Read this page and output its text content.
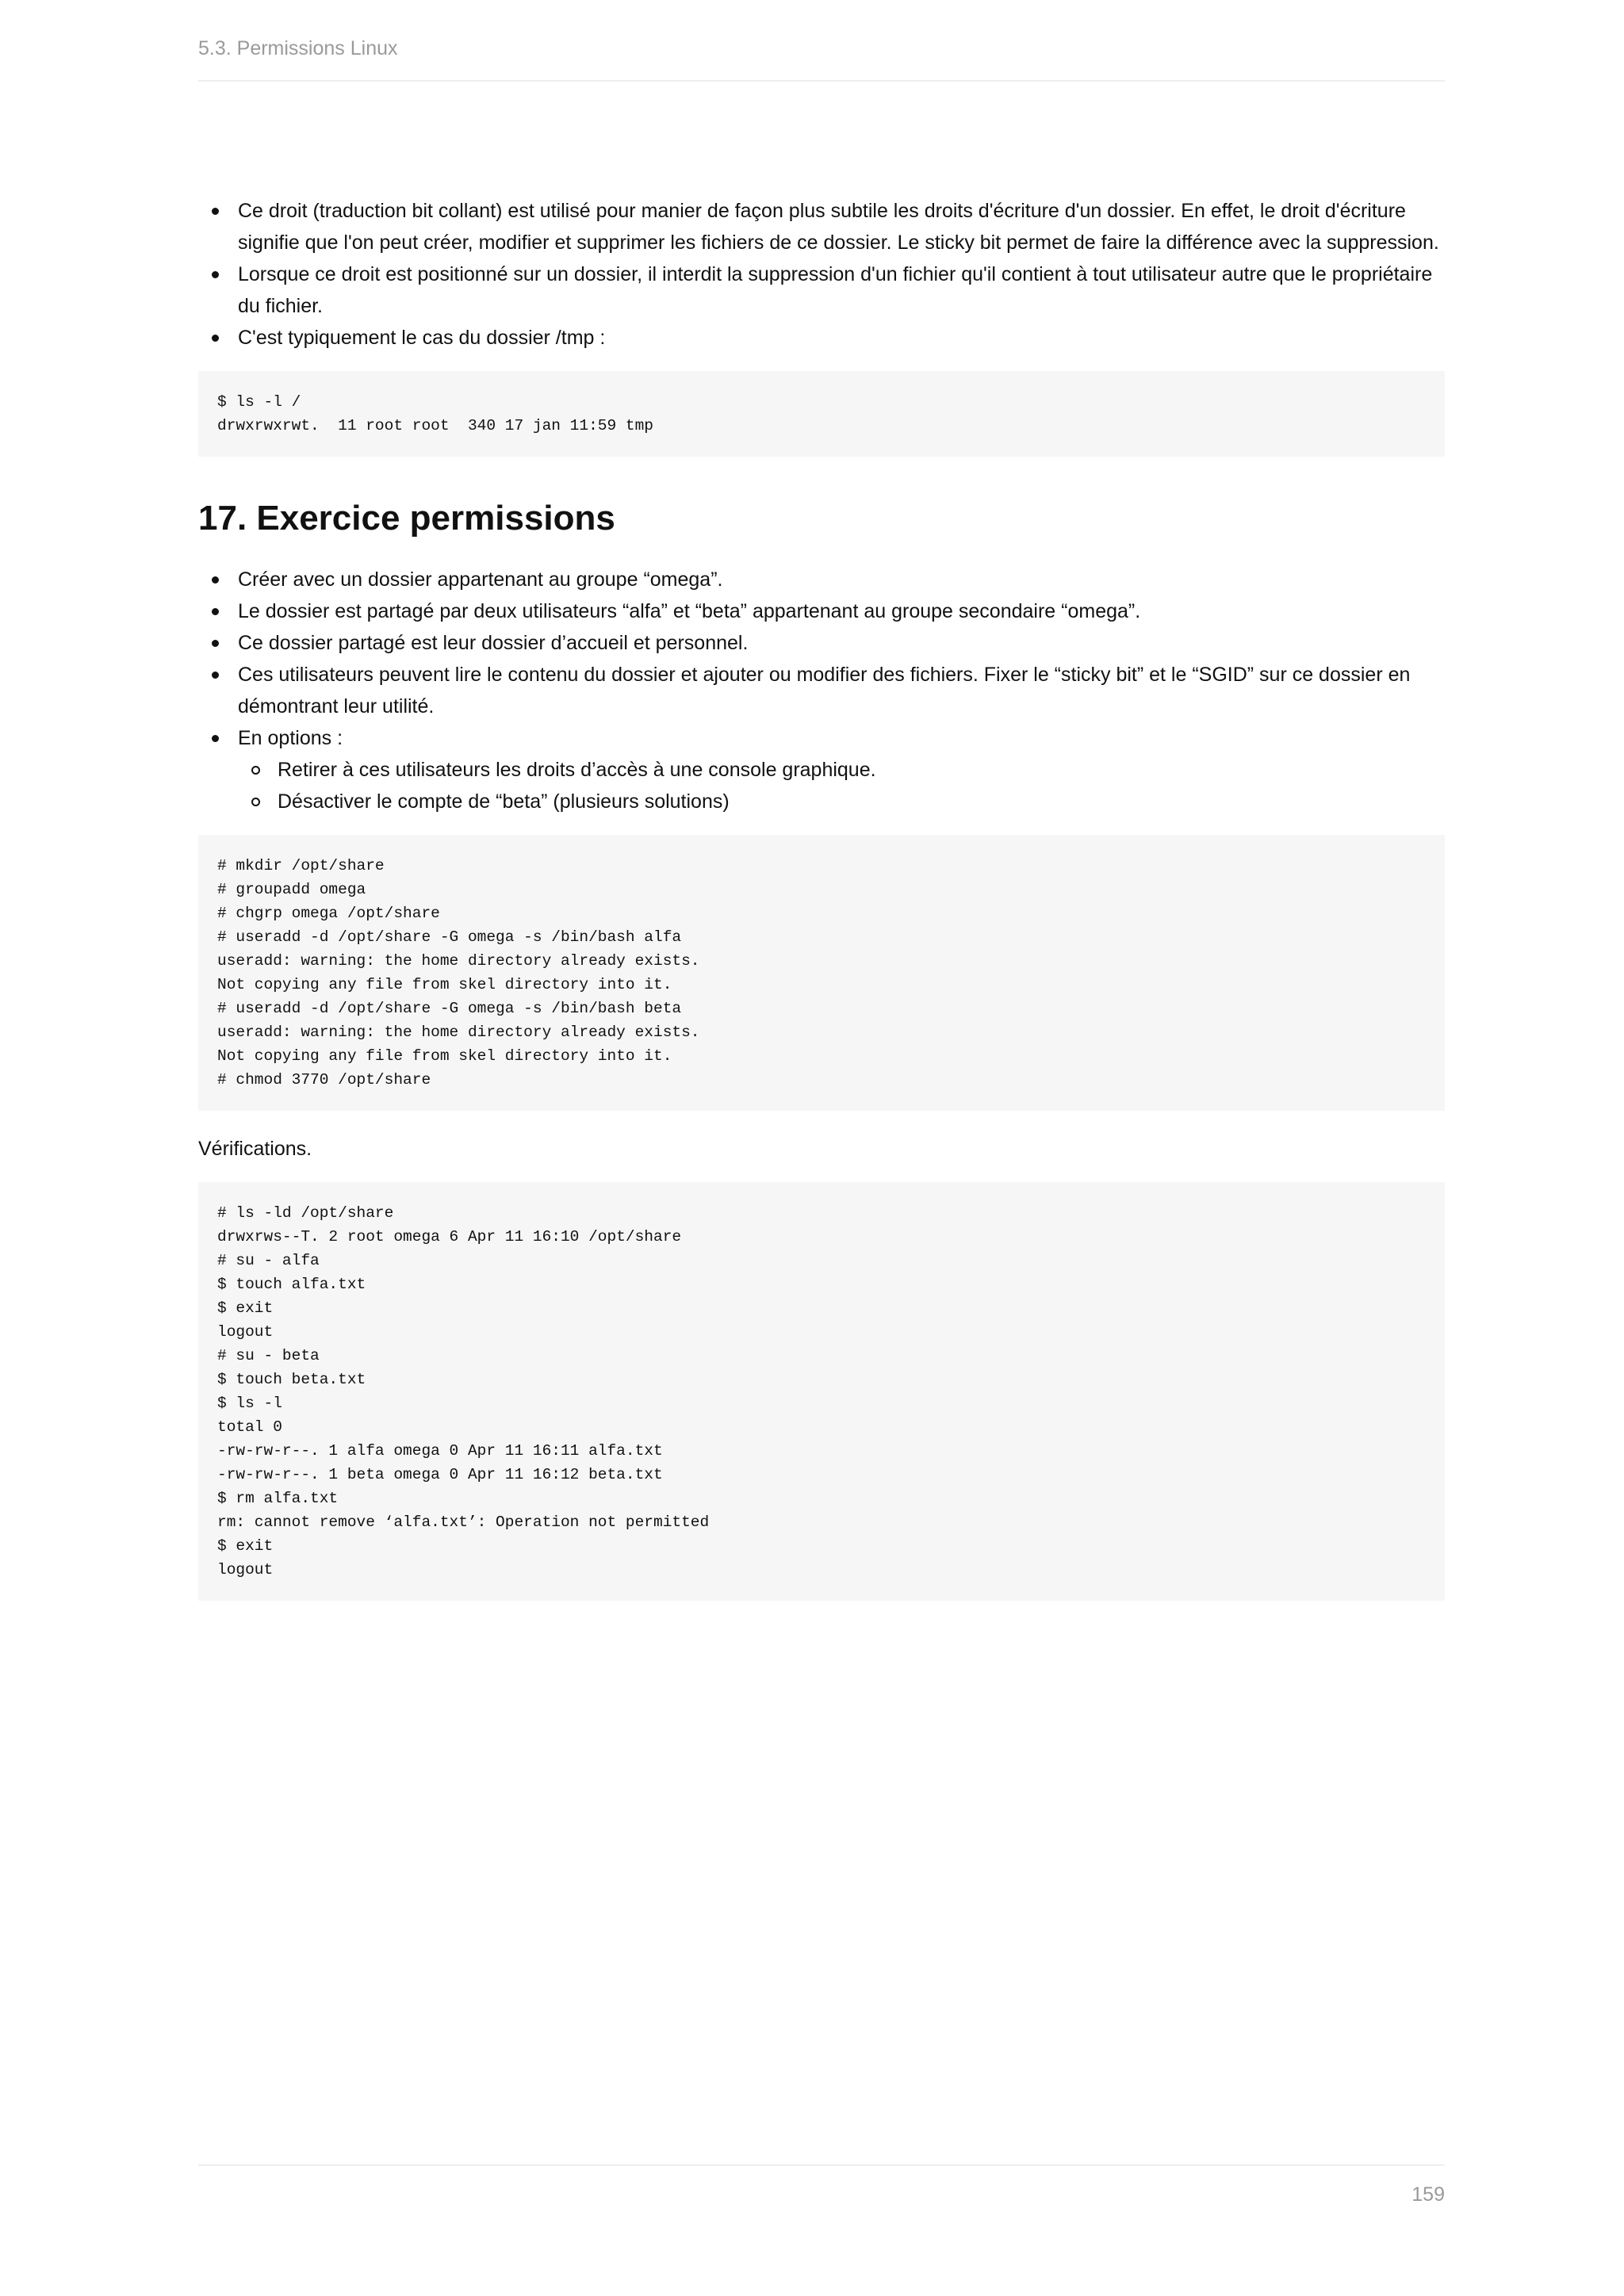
5.3. Permissions Linux
Ce droit (traduction bit collant) est utilisé pour manier de façon plus subtile les droits d'écriture d'un dossier. En effet, le droit d'écriture signifie que l'on peut créer, modifier et supprimer les fichiers de ce dossier. Le sticky bit permet de faire la différence avec la suppression.
Lorsque ce droit est positionné sur un dossier, il interdit la suppression d'un fichier qu'il contient à tout utilisateur autre que le propriétaire du fichier.
C'est typiquement le cas du dossier /tmp :
$ ls -l /
drwxrwxrwt.  11 root root  340 17 jan 11:59 tmp
17. Exercice permissions
Créer avec un dossier appartenant au groupe “omega”.
Le dossier est partagé par deux utilisateurs “alfa” et “beta” appartenant au groupe secondaire “omega”.
Ce dossier partagé est leur dossier d’accueil et personnel.
Ces utilisateurs peuvent lire le contenu du dossier et ajouter ou modifier des fichiers. Fixer le “sticky bit” et le “SGID” sur ce dossier en démontrant leur utilité.
En options :
Retirer à ces utilisateurs les droits d’accès à une console graphique.
Désactiver le compte de “beta” (plusieurs solutions)
# mkdir /opt/share
# groupadd omega
# chgrp omega /opt/share
# useradd -d /opt/share -G omega -s /bin/bash alfa
useradd: warning: the home directory already exists.
Not copying any file from skel directory into it.
# useradd -d /opt/share -G omega -s /bin/bash beta
useradd: warning: the home directory already exists.
Not copying any file from skel directory into it.
# chmod 3770 /opt/share

Vérifications.

# ls -ld /opt/share
drwxrws--T. 2 root omega 6 Apr 11 16:10 /opt/share
# su - alfa
$ touch alfa.txt
$ exit
logout
# su - beta
$ touch beta.txt
$ ls -l
total 0
-rw-rw-r--. 1 alfa omega 0 Apr 11 16:11 alfa.txt
-rw-rw-r--. 1 beta omega 0 Apr 11 16:12 beta.txt
$ rm alfa.txt
rm: cannot remove ‘alfa.txt’: Operation not permitted
$ exit
logout
159
